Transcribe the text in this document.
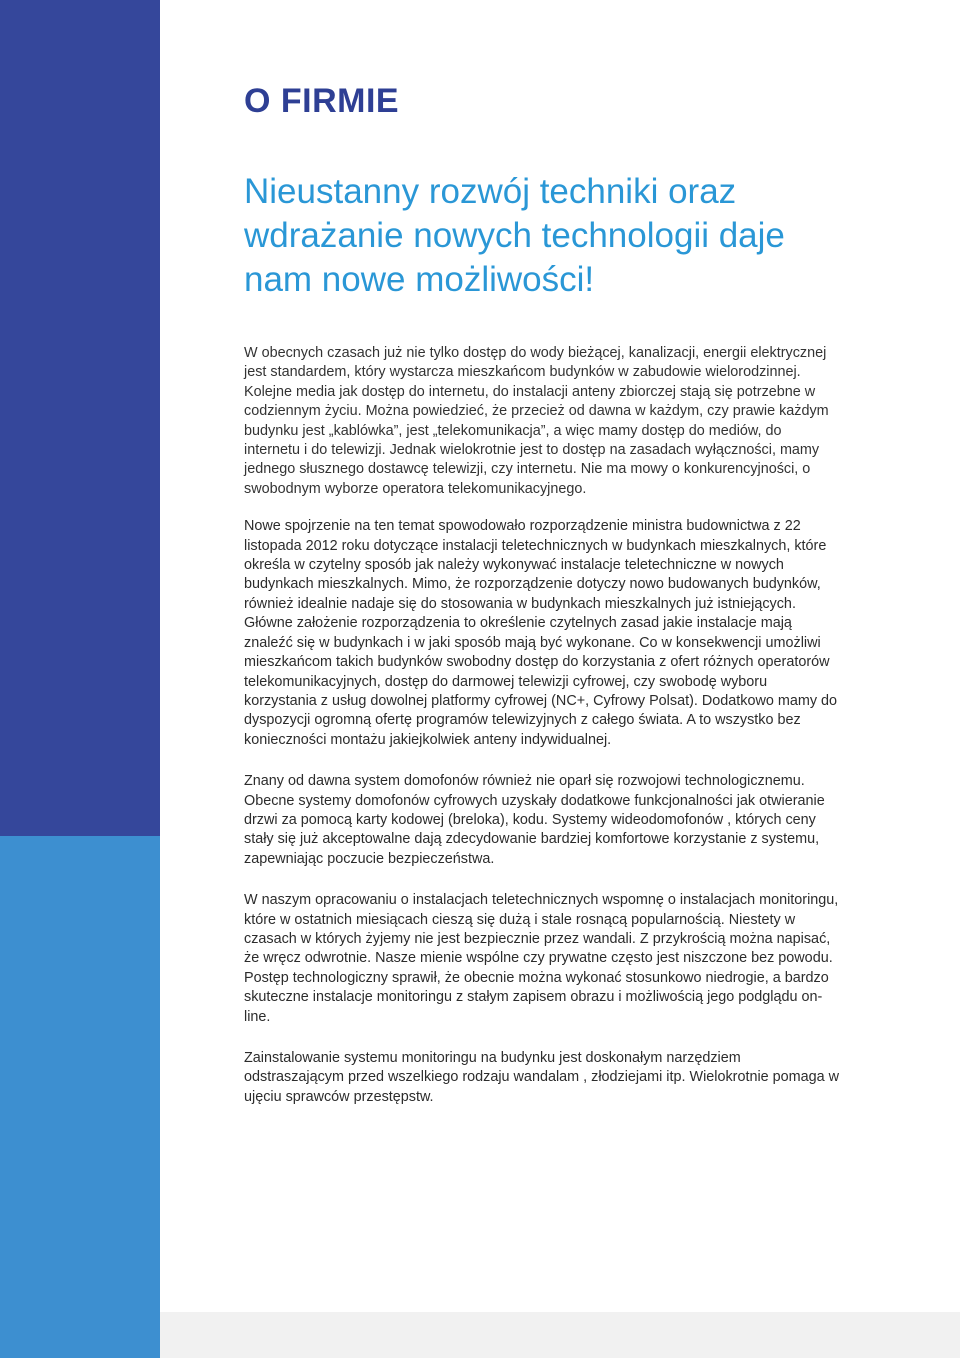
O FIRMIE
Nieustanny rozwój techniki oraz wdrażanie nowych technologii daje nam nowe możliwości!

W obecnych czasach już nie tylko dostęp do wody bieżącej, kanalizacji, energii elektrycznej jest standardem, który wystarcza mieszkańcom budynków w zabudowie wielorodzinnej. Kolejne media jak dostęp do internetu, do instalacji anteny zbiorczej stają się potrzebne w codziennym życiu. Można powiedzieć, że przecież od dawna w każdym, czy prawie każdym budynku jest „kablówka”, jest „telekomunikacja”, a więc mamy dostęp do mediów, do internetu i do telewizji. Jednak wielokrotnie jest to dostęp na zasadach wyłączności, mamy jednego słusznego dostawcę telewizji, czy internetu. Nie ma mowy o konkurencyjności, o swobodnym wyborze operatora telekomunikacyjnego.

Nowe spojrzenie na ten temat spowodowało rozporządzenie ministra budownictwa z 22 listopada 2012 roku dotyczące instalacji teletechnicznych w budynkach mieszkalnych, które określa w czytelny sposób jak należy wykonywać instalacje teletechniczne w nowych budynkach mieszkalnych. Mimo, że rozporządzenie dotyczy nowo budowanych budynków, również idealnie nadaje się do stosowania w budynkach mieszkalnych już istniejących. Główne założenie rozporządzenia to określenie czytelnych zasad jakie instalacje mają znaleźć się w budynkach i w jaki sposób mają być wykonane. Co w konsekwencji umożliwi mieszkańcom takich budynków swobodny dostęp do korzystania z ofert różnych operatorów telekomunikacyjnych, dostęp do darmowej telewizji cyfrowej, czy swobodę wyboru korzystania z usług dowolnej platformy cyfrowej (NC+, Cyfrowy Polsat). Dodatkowo mamy do dyspozycji ogromną ofertę programów telewizyjnych z całego świata. A to wszystko bez konieczności montażu jakiejkolwiek anteny indywidualnej.

Znany od dawna system domofonów również nie oparł się rozwojowi technologicznemu. Obecne systemy domofonów cyfrowych uzyskały dodatkowe funkcjonalności jak otwieranie drzwi za pomocą karty kodowej (breloka), kodu. Systemy wideodomofonów , których ceny stały się już akceptowalne dają zdecydowanie bardziej komfortowe korzystanie z systemu, zapewniając poczucie bezpieczeństwa.

W naszym opracowaniu o instalacjach teletechnicznych wspomnę o instalacjach monitoringu, które w ostatnich miesiącach cieszą się dużą i stale rosnącą popularnością. Niestety w czasach w których żyjemy nie jest bezpiecznie przez wandali. Z przykrością można napisać, że wręcz odwrotnie. Nasze mienie wspólne czy prywatne często jest niszczone bez powodu. Postęp technologiczny sprawił, że obecnie można wykonać stosunkowo niedrogie, a bardzo skuteczne instalacje monitoringu z stałym zapisem obrazu i możliwością jego podglądu on-line.

Zainstalowanie systemu monitoringu na budynku jest doskonałym narzędziem odstraszającym przed wszelkiego rodzaju wandalam , złodziejami itp. Wielokrotnie pomaga w ujęciu sprawców przestępstw.
